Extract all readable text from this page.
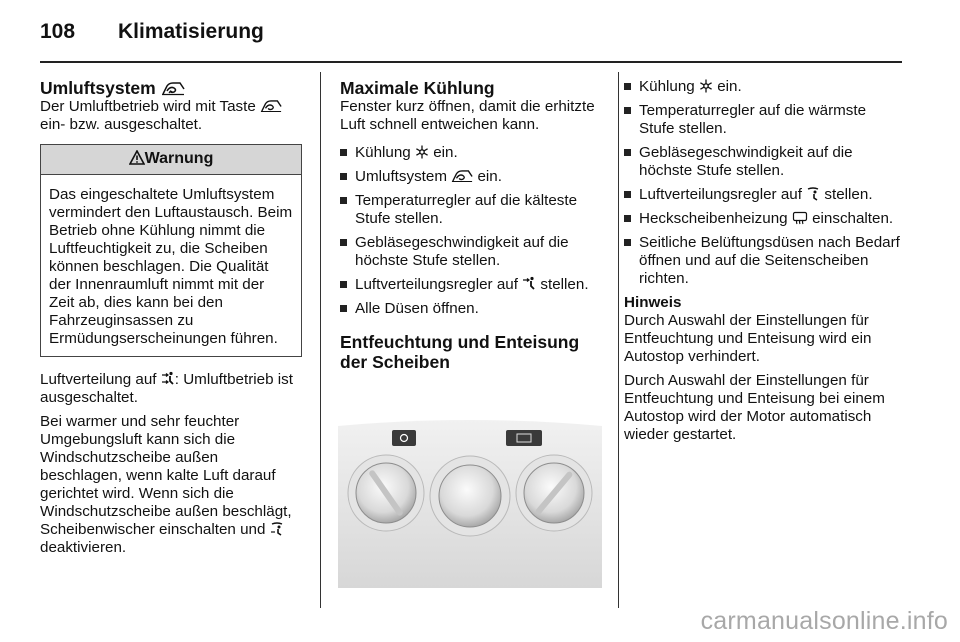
108 Klimatisierung

Umluftsystem

Der Umluftbetrieb wird mit Taste
ein- bzw. ausgeschaltet.

Warnung
Das eingeschaltete Umluftsystem vermindert den Luftaustausch. Beim Betrieb ohne Kühlung nimmt die Luftfeuchtigkeit zu, die Scheiben können beschlagen. Die Qualität der Innenraumluft nimmt mit der Zeit ab, dies kann bei den Fahrzeuginsassen zu Ermüdungserscheinungen führen.

Luftverteilung auf : Umluftbetrieb ist ausgeschaltet.

Bei warmer und sehr feuchter Umgebungsluft kann sich die Windschutzscheibe außen beschlagen, wenn kalte Luft darauf gerichtet wird. Wenn sich die Windschutzscheibe außen beschlägt, Scheibenwischer einschalten und  deaktivieren.

Maximale Kühlung

Fenster kurz öffnen, damit die erhitzte Luft schnell entweichen kann.

Kühlung ein.
Umluftsystem ein.
Temperaturregler auf die kälteste Stufe stellen.
Gebläsegeschwindigkeit auf die höchste Stufe stellen.
Luftverteilungsregler auf stellen.
Alle Düsen öffnen.

Entfeuchtung und Enteisung der Scheiben

Kühlung ein.
Temperaturregler auf die wärmste Stufe stellen.
Gebläsegeschwindigkeit auf die höchste Stufe stellen.
Luftverteilungsregler auf stellen.
Heckscheibenheizung einschalten.
Seitliche Belüftungsdüsen nach Bedarf öffnen und auf die Seitenscheiben richten.

Hinweis

Durch Auswahl der Einstellungen für Entfeuchtung und Enteisung wird ein Autostop verhindert.

Durch Auswahl der Einstellungen für Entfeuchtung und Enteisung bei einem Autostop wird der Motor automatisch wieder gestartet.

carmanualsonline.info
